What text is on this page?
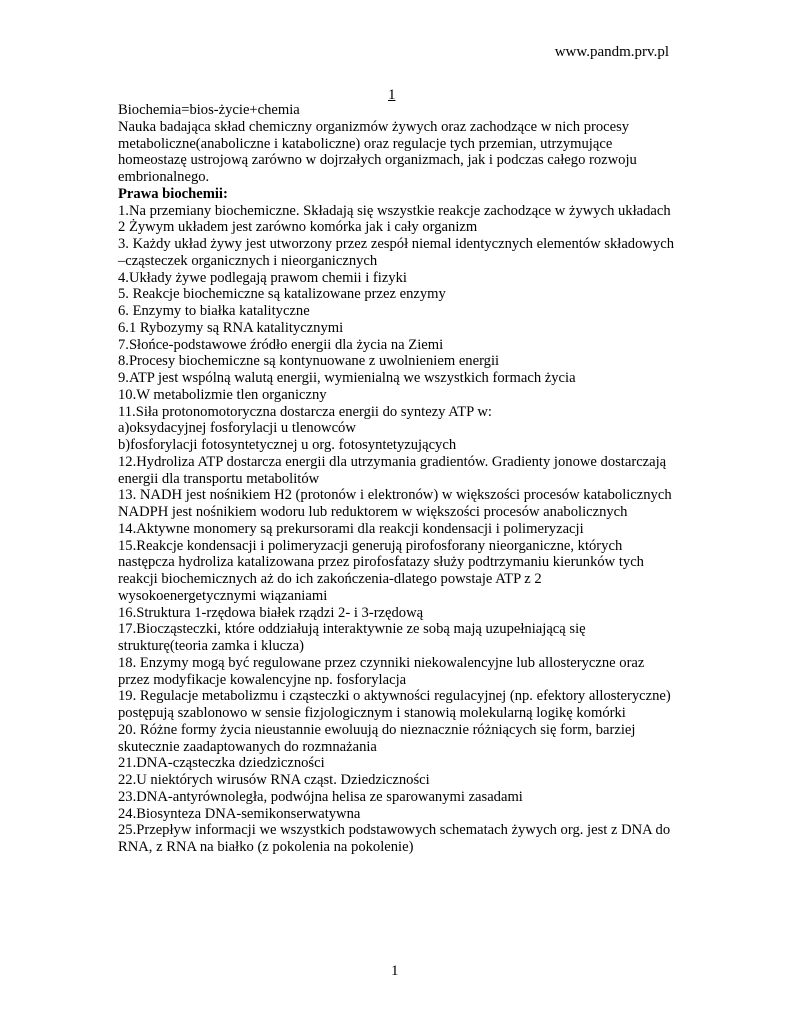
www.pandm.prv.pl
1

Biochemia=bios-życie+chemia

Nauka badająca skład chemiczny organizmów żywych oraz zachodzące w nich procesy metaboliczne(anaboliczne i kataboliczne) oraz regulacje tych przemian, utrzymujące homeostazę ustrojową zarówno w dojrzałych organizmach, jak i podczas całego rozwoju embrionalnego.

Prawa biochemii:

1.Na przemiany biochemiczne. Składają się wszystkie reakcje zachodzące w żywych układach

2 Żywym układem jest zarówno komórka jak i cały organizm

3. Każdy układ żywy jest utworzony przez zespół niemal identycznych elementów składowych –cząsteczek organicznych i nieorganicznych

4.Układy żywe podlegają prawom chemii i fizyki

5. Reakcje biochemiczne są katalizowane przez enzymy

6. Enzymy to białka katalityczne

6.1 Rybozymy są RNA katalitycznymi

7.Słońce-podstawowe źródło energii dla życia na Ziemi

8.Procesy biochemiczne są kontynuowane z uwolnieniem energii

9.ATP jest wspólną walutą energii, wymienialną we wszystkich formach życia

10.W metabolizmie tlen organiczny

11.Siła protonomotoryczna dostarcza energii do syntezy ATP w:

a)oksydacyjnej fosforylacji u tlenowców

b)fosforylacji fotosyntetycznej u org. fotosyntetyzujących

12.Hydroliza ATP dostarcza energii dla utrzymania gradientów. Gradienty jonowe dostarczają energii dla transportu metabolitów

13. NADH jest nośnikiem H2 (protonów i elektronów) w większości procesów katabolicznych NADPH jest nośnikiem wodoru lub reduktorem w większości procesów anabolicznych

14.Aktywne monomery są prekursorami dla reakcji kondensacji i polimeryzacji

15.Reakcje kondensacji i polimeryzacji generują pirofosforany nieorganiczne, których następcza hydroliza katalizowana przez pirofosfatazy służy podtrzymaniu kierunków tych reakcji biochemicznych aż do ich zakończenia-dlatego powstaje ATP z 2 wysokoenergetycznymi wiązaniami

16.Struktura 1-rzędowa białek rządzi 2- i 3-rzędową

17.Biocząsteczki, które oddziałują interaktywnie ze sobą mają uzupełniającą się strukturę(teoria zamka i klucza)

18. Enzymy mogą być regulowane przez czynniki niekowalencyjne lub allosteryczne oraz przez modyfikacje kowalencyjne np. fosforylacja

19. Regulacje metabolizmu i cząsteczki o aktywności regulacyjnej (np. efektory allosteryczne) postępują szablonowo w sensie fizjologicznym i stanowią molekularną logikę komórki

20. Różne formy życia nieustannie ewoluują do nieznacznie różniących się form, barziej skutecznie zaadaptowanych do rozmnażania

21.DNA-cząsteczka dziedziczności

22.U niektórych wirusów RNA cząst. Dziedziczności

23.DNA-antyrównoległa, podwójna helisa ze sparowanymi zasadami

24.Biosynteza DNA-semikonserwatywna

25.Przepływ informacji we wszystkich podstawowych schematach żywych org. jest z DNA do RNA, z RNA na białko (z pokolenia na pokolenie)

1
